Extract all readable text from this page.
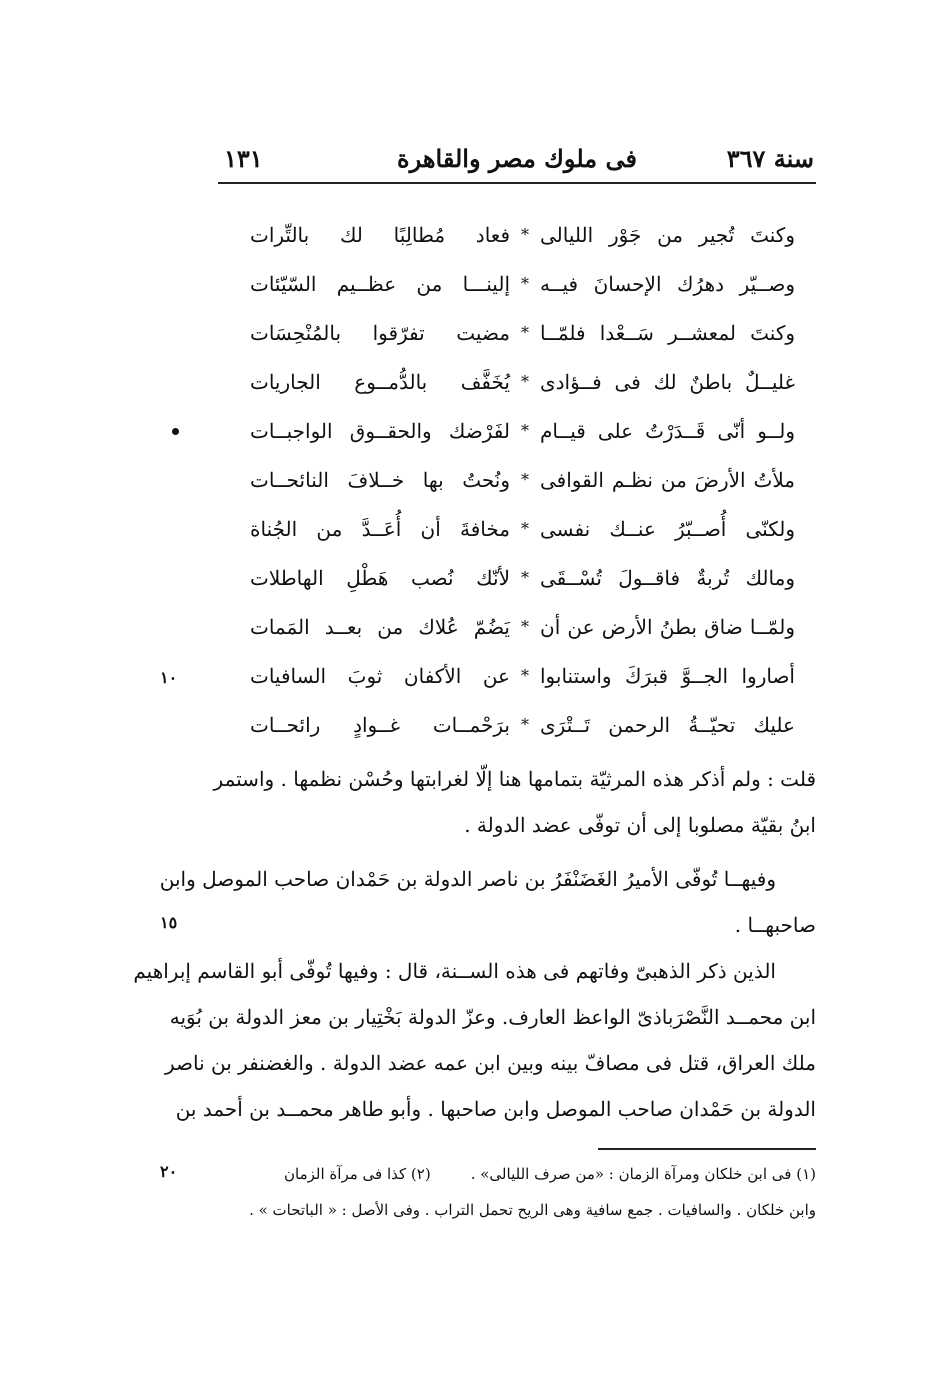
سنة ٣٦٧
فى ملوك مصر والقاهرة
١٣١
وكنتَ تُجير من جَوْر الليالى
*
فعاد مُطالِبًا لك بالتِّرات
وصــيّر دهرُك الإحسانَ فيــه
*
إلينـــا من عظــيم السّيّئات
وكنتَ لمعشــر سَــعْدا فلمّــا
*
مضيت تفرّقوا بالمُنْحِسَات
غليــلٌ باطنٌ لك فى فــؤادى
*
يُخَفَّف بالدُّمــوع الجاريات
ولــو أنّى قَــدَرْتُ على قيــام
*
لفَرْضك والحقــوق الواجبــات
ملأتُ الأرضَ من نظـم القوافى
*
ونُحتُ بها خــلافَ النائحــات
ولكنّى أُصــبّرُ عنــك نفسى
*
مخافةَ أن أُعَــدَّ من الجُناة
ومالك تُربةٌ فاقــولَ تُسْــقَى
*
لأنّك نُصب هَطْلِ الهاطلات
ولمّــا ضاق بطنُ الأرض عن أن
*
يَضُمّ عُلاك من بعــد المَمات
أصاروا الجــوَّ قبرَكَ واستنابوا
*
عن الأكفان ثوبَ السافيات
عليك تحيّــةُ الرحمن تَــتْرَى
*
برَحْمــات غــوادٍ رائحــات
قلت : ولم أذكر هذه المرثيّة بتمامها هنا إلّا لغرابتها وحُسْن نظمها . واستمر
ابنُ بقيّة مصلوبا إلى أن توفّى عضد الدولة .
وفيهــا تُوفّى الأميرُ الغَضَنْفَرُ بن ناصر الدولة بن حَمْدان صاحب الموصل وابن
صاحبهــا .
الذين ذكر الذهبىّ وفاتهم فى هذه الســنة، قال : وفيها تُوفّى أبو القاسم إبراهيم
ابن محمــد النَّصْرَباذىّ الواعظ العارف. وعزّ الدولة بَخْتِيار بن معز الدولة بن بُوَيه
ملك العراق، قتل فى مصافّ بينه وبين ابن عمه عضد الدولة . والغضنفر بن ناصر
الدولة بن حَمْدان صاحب الموصل وابن صاحبها . وأبو طاهر محمــد بن أحمد بن
(١) فى ابن خلكان ومرآة الزمان : «من صرف الليالى» .(٢) كذا فى مرآة الزمان
وابن خلكان . والسافيات . جمع سافية وهى الريح تحمل التراب . وفى الأصل : « الباتحات » .
١٠
١٥
٢٠
